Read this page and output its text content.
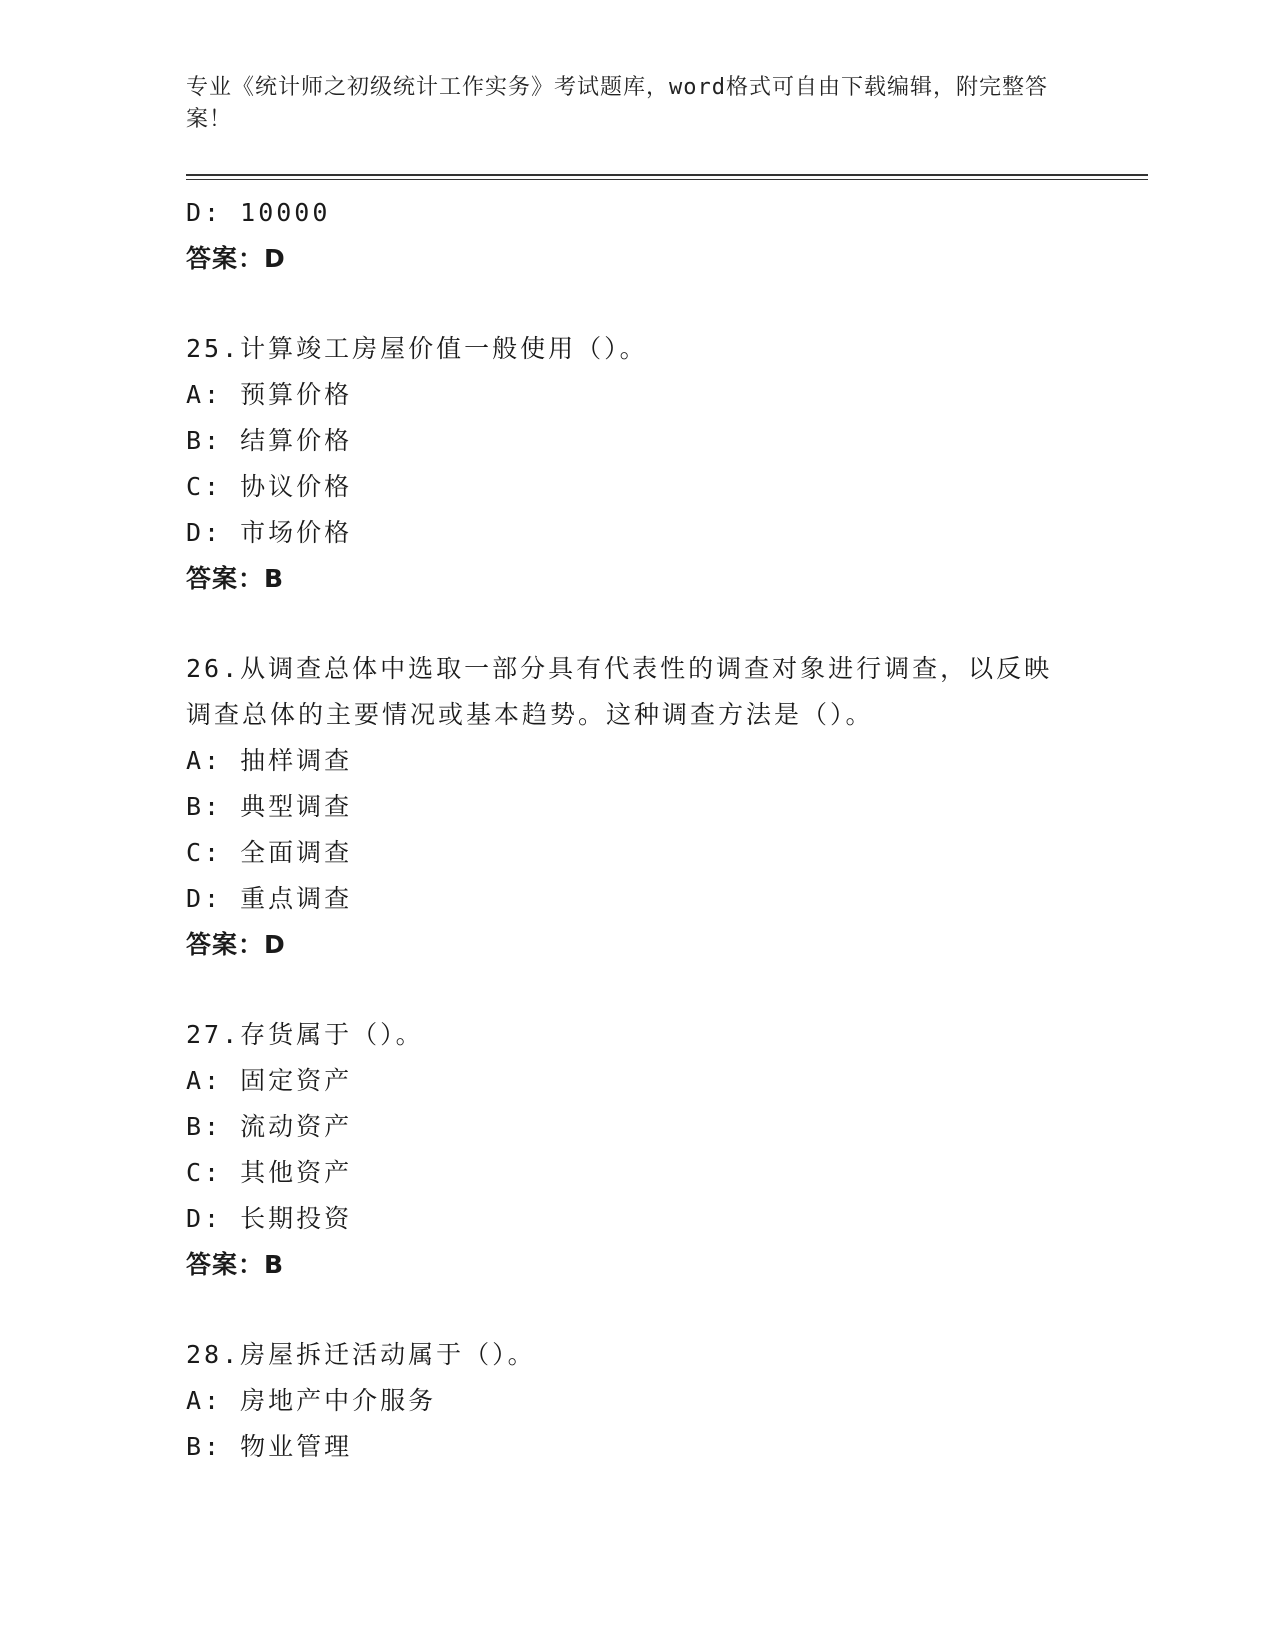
专业《统计师之初级统计工作实务》考试题库，word格式可自由下载编辑，附完整答案！
D: 10000
答案：D
25.计算竣工房屋价值一般使用（）。
A: 预算价格
B: 结算价格
C: 协议价格
D: 市场价格
答案：B
26.从调查总体中选取一部分具有代表性的调查对象进行调查，以反映
调查总体的主要情况或基本趋势。这种调查方法是（）。
A: 抽样调查
B: 典型调查
C: 全面调查
D: 重点调查
答案：D
27.存货属于（）。
A: 固定资产
B: 流动资产
C: 其他资产
D: 长期投资
答案：B
28.房屋拆迁活动属于（）。
A: 房地产中介服务
B: 物业管理
